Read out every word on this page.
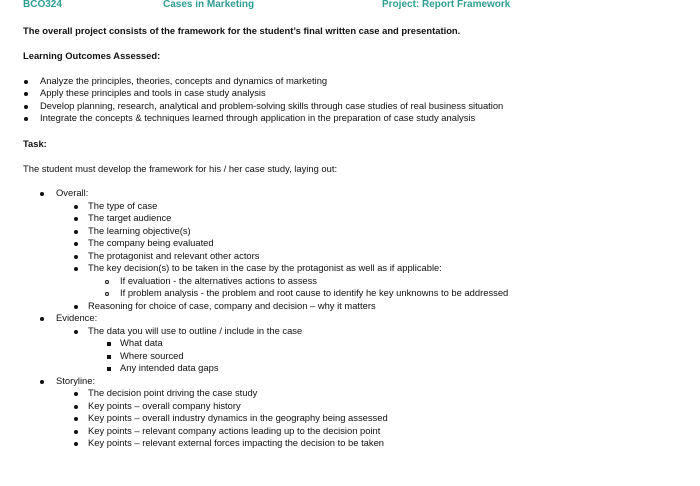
BCO324	Cases in Marketing	Project: Report Framework
The overall project consists of the framework for the student’s final written case and presentation.
Learning Outcomes Assessed:
Analyze the principles, theories, concepts and dynamics of marketing
Apply these principles and tools in case study analysis
Develop planning, research, analytical and problem-solving skills through case studies of real business situation
Integrate the concepts & techniques learned through application in the preparation of case study analysis
Task:
The student must develop the framework for his / her case study, laying out:
Overall:
The type of case
The target audience
The learning objective(s)
The company being evaluated
The protagonist and relevant other actors
The key decision(s) to be taken in the case by the protagonist as well as if applicable:
If evaluation - the alternatives actions to assess
If problem analysis - the problem and root cause to identify he key unknowns to be addressed
Reasoning for choice of case, company and decision – why it matters
Evidence:
The data you will use to outline / include in the case
What data
Where sourced
Any intended data gaps
Storyline:
The decision point driving the case study
Key points – overall company history
Key points – overall industry dynamics in the geography being assessed
Key points – relevant company actions leading up to the decision point
Key points – relevant external forces impacting the decision to be taken
